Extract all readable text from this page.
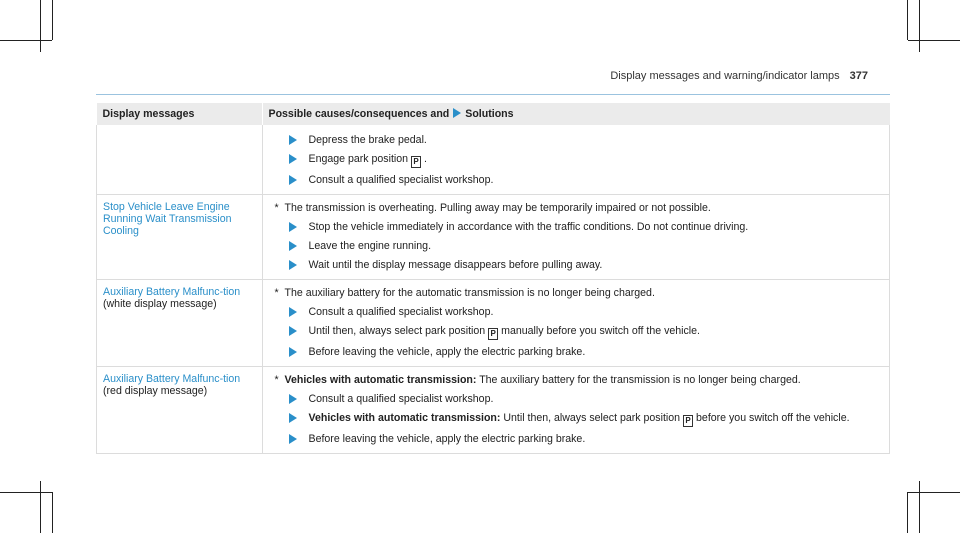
Display messages and warning/indicator lamps 377
Display messages	Possible causes/consequences and Solutions

	Depress the brake pedal.
Engage park position P .
Consult a qualified specialist workshop.

Stop Vehicle Leave Engine Running Wait Transmission Cooling	* The transmission is overheating. Pulling away may be temporarily impaired or not possible.
Stop the vehicle immediately in accordance with the traffic conditions. Do not continue driving.
Leave the engine running.
Wait until the display message disappears before pulling away.

Auxiliary Battery Malfunc-tion (white display message)	* The auxiliary battery for the automatic transmission is no longer being charged.
Consult a qualified specialist workshop.
Until then, always select park position P manually before you switch off the vehicle.
Before leaving the vehicle, apply the electric parking brake.

Auxiliary Battery Malfunc-tion (red display message)	* Vehicles with automatic transmission: The auxiliary battery for the transmission is no longer being charged.
Consult a qualified specialist workshop.
Vehicles with automatic transmission: Until then, always select park position P before you switch off the vehicle.
Before leaving the vehicle, apply the electric parking brake.
